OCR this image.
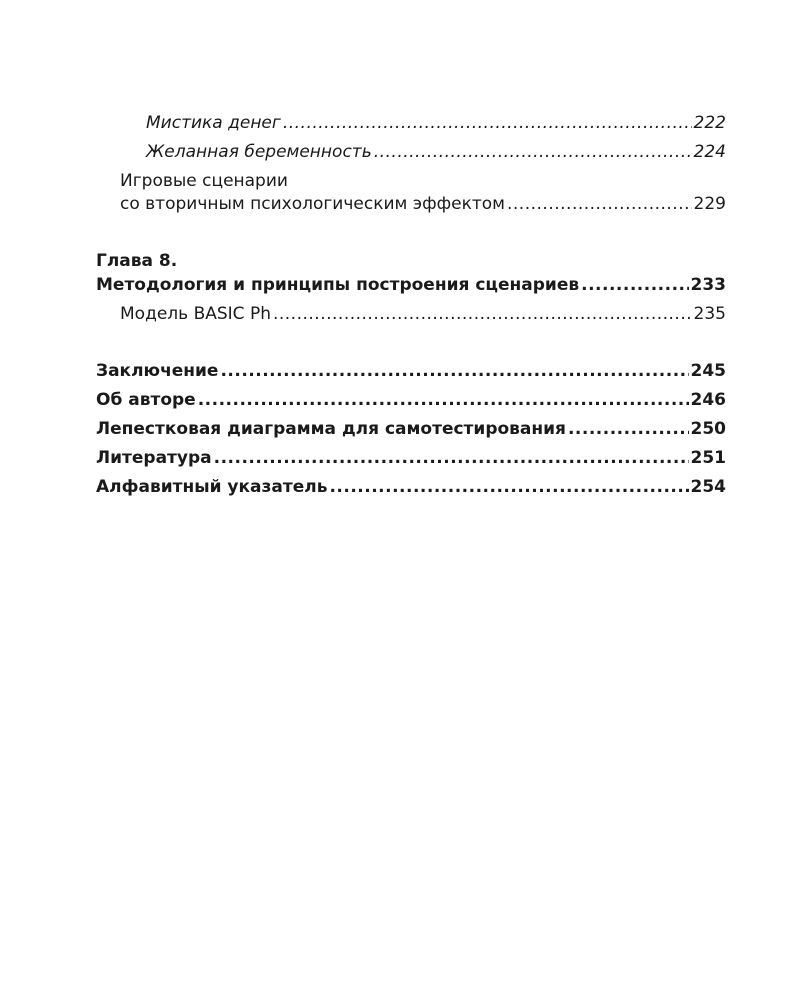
Мистика денег .....	222
Желанная беременность .....	224
Игровые сценарии
со вторичным психологическим эффектом .....	229
Глава 8.
Методология и принципы построения сценариев .....	233
Модель BASIC Ph .....	235
Заключение .....	245
Об авторе .....	246
Лепестковая диаграмма для самотестирования .....	250
Литература .....	251
Алфавитный указатель .....	254
